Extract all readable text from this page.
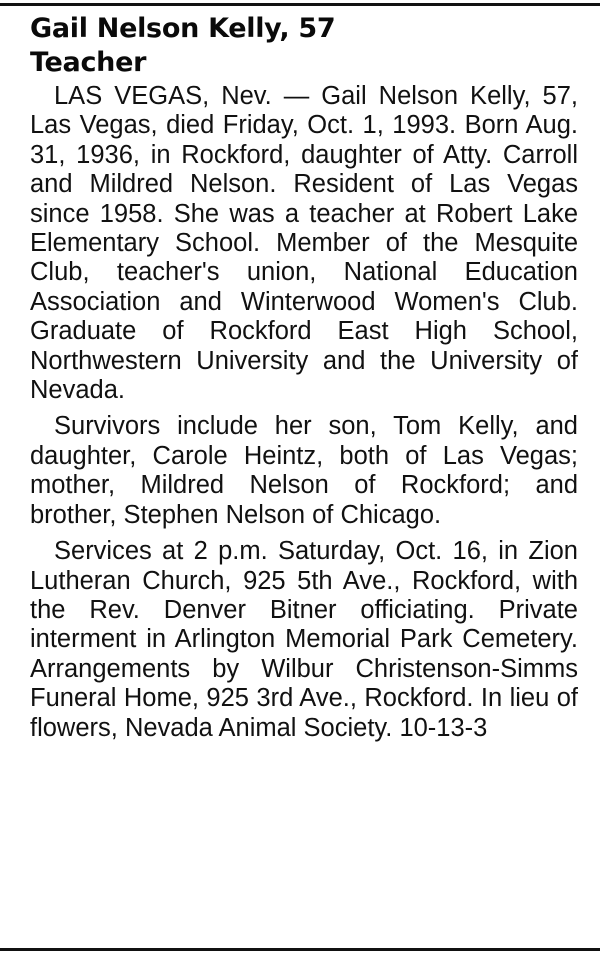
Gail Nelson Kelly, 57
Teacher

LAS VEGAS, Nev. — Gail Nelson Kelly, 57, Las Vegas, died Friday, Oct. 1, 1993. Born Aug. 31, 1936, in Rockford, daughter of Atty. Carroll and Mildred Nelson. Resident of Las Vegas since 1958. She was a teacher at Robert Lake Elementary School. Member of the Mesquite Club, teacher's union, National Education Association and Winterwood Women's Club. Graduate of Rockford East High School, Northwestern University and the University of Nevada.

Survivors include her son, Tom Kelly, and daughter, Carole Heintz, both of Las Vegas; mother, Mildred Nelson of Rockford; and brother, Stephen Nelson of Chicago.

Services at 2 p.m. Saturday, Oct. 16, in Zion Lutheran Church, 925 5th Ave., Rockford, with the Rev. Denver Bitner officiating. Private interment in Arlington Memorial Park Cemetery. Arrangements by Wilbur Christenson-Simms Funeral Home, 925 3rd Ave., Rockford. In lieu of flowers, Nevada Animal Society. 10-13-3
